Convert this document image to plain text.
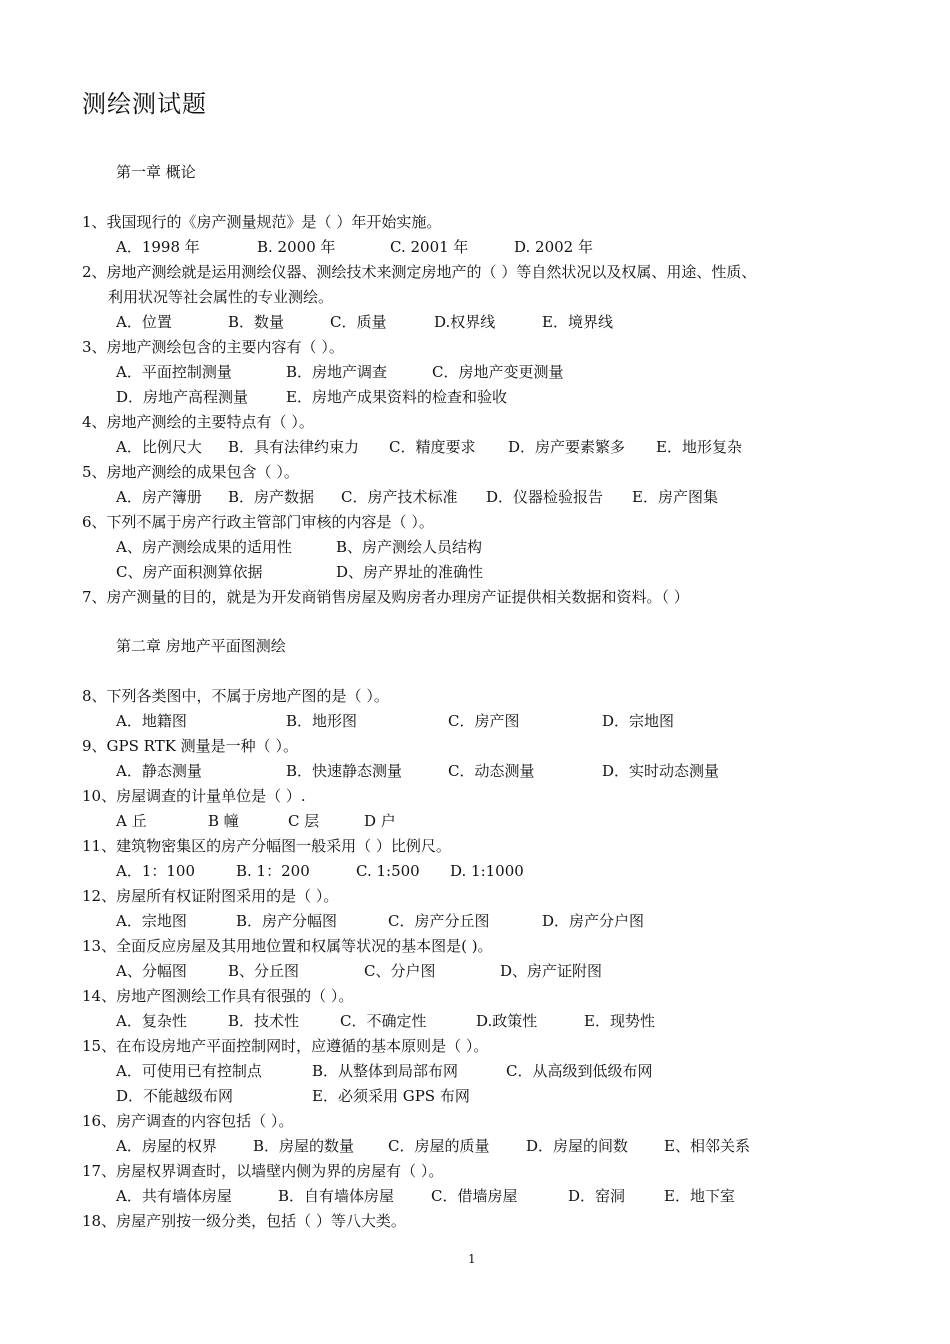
测绘测试题
第一章 概论
1、我国现行的《房产测量规范》是（ ）年开始实施。
A．1998 年	B. 2000 年	C. 2001 年	D. 2002 年
2、房地产测绘就是运用测绘仪器、测绘技术来测定房地产的（ ）等自然状况以及权属、用途、性质、
利用状况等社会属性的专业测绘。
A．位置	B．数量	C．质量	D.权界线	E．境界线
3、房地产测绘包含的主要内容有（ ）。
A．平面控制测量	B．房地产调查	C．房地产变更测量
D．房地产高程测量	E．房地产成果资料的检查和验收
4、房地产测绘的主要特点有（ ）。
A．比例尺大 B．具有法律约束力 C．精度要求 D．房产要素繁多 E．地形复杂
5、房地产测绘的成果包含（ ）。
A．房产簿册 B．房产数据 C．房产技术标准 D．仪器检验报告 E．房产图集
6、下列不属于房产行政主管部门审核的内容是（ ）。
A、房产测绘成果的适用性	B、房产测绘人员结构
C、房产面积测算依据	D、房产界址的准确性
7、房产测量的目的，就是为开发商销售房屋及购房者办理房产证提供相关数据和资料。（ ）
第二章 房地产平面图测绘
8、下列各类图中，不属于房地产图的是（ ）。
A．地籍图	B．地形图	C．房产图	D．宗地图
9、GPS RTK 测量是一种（ ）。
A．静态测量	B．快速静态测量	C．动态测量	D．实时动态测量
10、房屋调查的计量单位是（ ）.
A 丘	B 幢	C 层	D 户
11、建筑物密集区的房产分幅图一般采用（ ）比例尺。
A．1：100	B. 1：200	C. 1:500 D. 1:1000
12、房屋所有权证附图采用的是（ ）。
A．宗地图	B．房产分幅图	C．房产分丘图	D．房产分户图
13、全面反应房屋及其用地位置和权属等状况的基本图是( )。
A、分幅图	B、分丘图	C、分户图	D、房产证附图
14、房地产图测绘工作具有很强的（ ）。
A．复杂性	B．技术性	C．不确定性	D.政策性	E．现势性
15、在布设房地产平面控制网时，应遵循的基本原则是（ ）。
A．可使用已有控制点	B．从整体到局部布网	C．从高级到低级布网
D．不能越级布网	E．必须采用 GPS 布网
16、房产调查的内容包括（ ）。
A．房屋的权界 B．房屋的数量 C．房屋的质量 D．房屋的间数 E、相邻关系
17、房屋权界调查时，以墙壁内侧为界的房屋有（ ）。
A．共有墙体房屋	B．自有墙体房屋 C．借墙房屋	D．窑洞	E．地下室
18、房屋产别按一级分类，包括（ ）等八大类。
1
